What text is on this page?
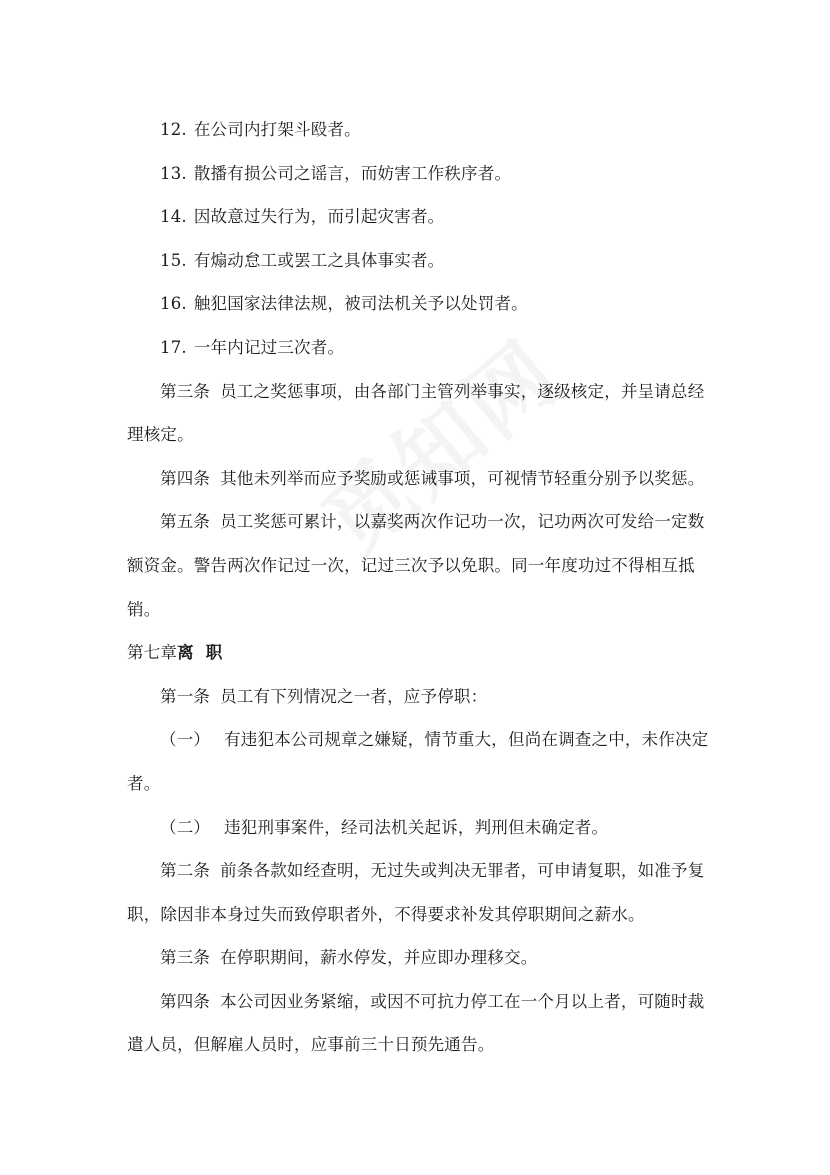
12. 在公司内打架斗殴者。
13. 散播有损公司之谣言，而妨害工作秩序者。
14. 因故意过失行为，而引起灾害者。
15. 有煽动怠工或罢工之具体事实者。
16. 触犯国家法律法规，被司法机关予以处罚者。
17. 一年内记过三次者。
第三条 员工之奖惩事项，由各部门主管列举事实，逐级核定，并呈请总经
理核定。
第四条 其他未列举而应予奖励或惩诫事项，可视情节轻重分别予以奖惩。
第五条 员工奖惩可累计，以嘉奖两次作记功一次，记功两次可发给一定数
额资金。警告两次作记过一次，记过三次予以免职。同一年度功过不得相互抵
销。
第七章离  职
第一条 员工有下列情况之一者，应予停职：
（一） 有违犯本公司规章之嫌疑，情节重大，但尚在调查之中，未作决定
者。
（二） 违犯刑事案件，经司法机关起诉，判刑但未确定者。
第二条 前条各款如经查明，无过失或判决无罪者，可申请复职，如准予复
职，除因非本身过失而致停职者外，不得要求补发其停职期间之薪水。
第三条 在停职期间，薪水停发，并应即办理移交。
第四条 本公司因业务紧缩，或因不可抗力停工在一个月以上者，可随时裁
遣人员，但解雇人员时，应事前三十日预先通告。
